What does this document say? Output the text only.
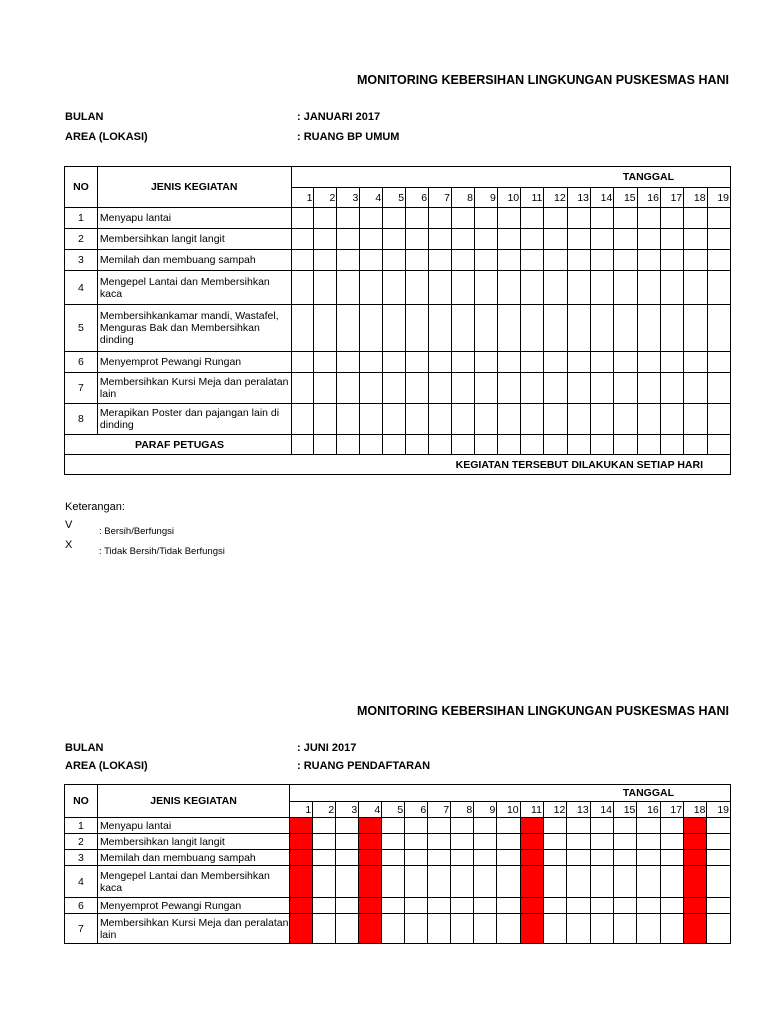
MONITORING KEBERSIHAN LINGKUNGAN PUSKESMAS HANI
BULAN	: JANUARI 2017
AREA (LOKASI)	: RUANG BP UMUM
NO	JENIS KEGIATAN	TANGGAL																		
		1	2	3	4	5	6	7	8	9	10	11	12	13	14	15	16	17	18	19
1	Menyapu lantai																			
2	Membersihkan langit langit																			
3	Memilah dan membuang sampah																			
4	Mengepel Lantai dan Membersihkan kaca																			
5	Membersihkankamar mandi, Wastafel, Menguras Bak dan Membersihkan dinding																			
6	Menyemprot Pewangi Rungan																			
7	Membersihkan Kursi Meja dan peralatan lain																			
8	Merapikan Poster dan pajangan lain di dinding																			
PARAF PETUGAS																				
KEGIATAN TERSEBUT DILAKUKAN SETIAP HARI																				
Keterangan:
V
: Bersih/Berfungsi
X
: Tidak Bersih/Tidak Berfungsi
MONITORING KEBERSIHAN LINGKUNGAN PUSKESMAS HANI
BULAN	: JUNI 2017
AREA (LOKASI)	: RUANG PENDAFTARAN
NO	JENIS KEGIATAN	TANGGAL																		
		1	2	3	4	5	6	7	8	9	10	11	12	13	14	15	16	17	18	19
1	Menyapu lantai																			
2	Membersihkan langit langit																			
3	Memilah dan membuang sampah																			
4	Mengepel Lantai dan Membersihkan kaca																			
6	Menyemprot Pewangi Rungan																			
7	Membersihkan Kursi Meja dan peralatan lain																			
